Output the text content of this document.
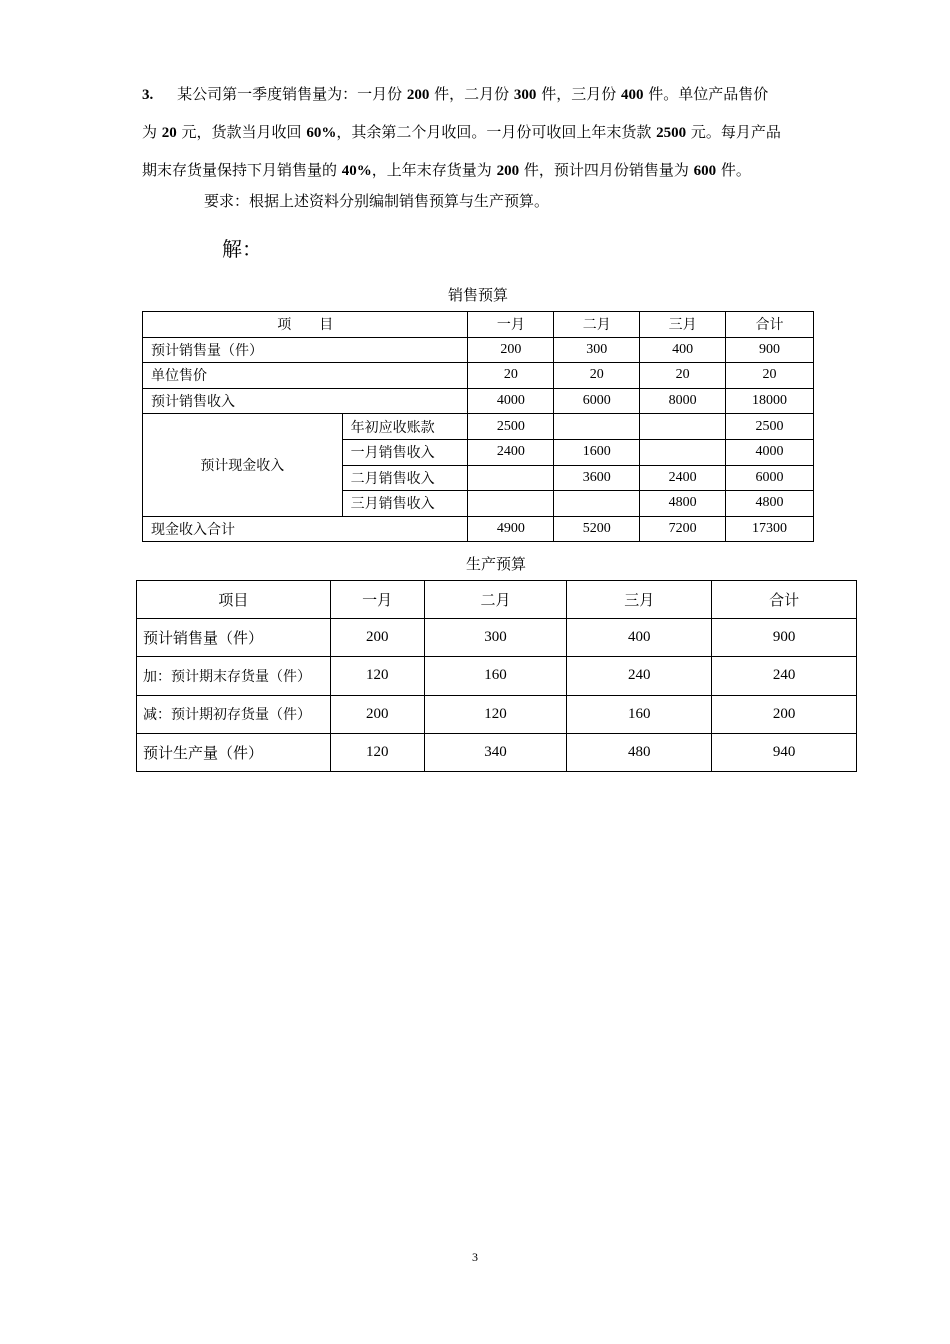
3. 某公司第一季度销售量为：一月份 200 件，二月份 300 件，三月份 400 件。单位产品售价

为 20 元，货款当月收回 60%，其余第二个月收回。一月份可收回上年末货款 2500 元。每月产品

期末存货量保持下月销售量的 40%，上年末存货量为 200 件，预计四月份销售量为 600 件。

要求：根据上述资料分别编制销售预算与生产预算。

解：

销售预算

项　　目		一月	二月	三月	合计
预计销售量（件）		200	300	400	900
单位售价		20	20	20	20
预计销售收入		4000	6000	8000	18000
预计现金收入	年初应收账款	2500			2500
	一月销售收入	2400	1600		4000
	二月销售收入		3600	2400	6000
	三月销售收入			4800	4800
现金收入合计		4900	5200	7200	17300

生产预算

项目	一月	二月	三月	合计
预计销售量（件）	200	300	400	900
加：预计期末存货量（件）	120	160	240	240
减：预计期初存货量（件）	200	120	160	200
预计生产量（件）	120	340	480	940
3
